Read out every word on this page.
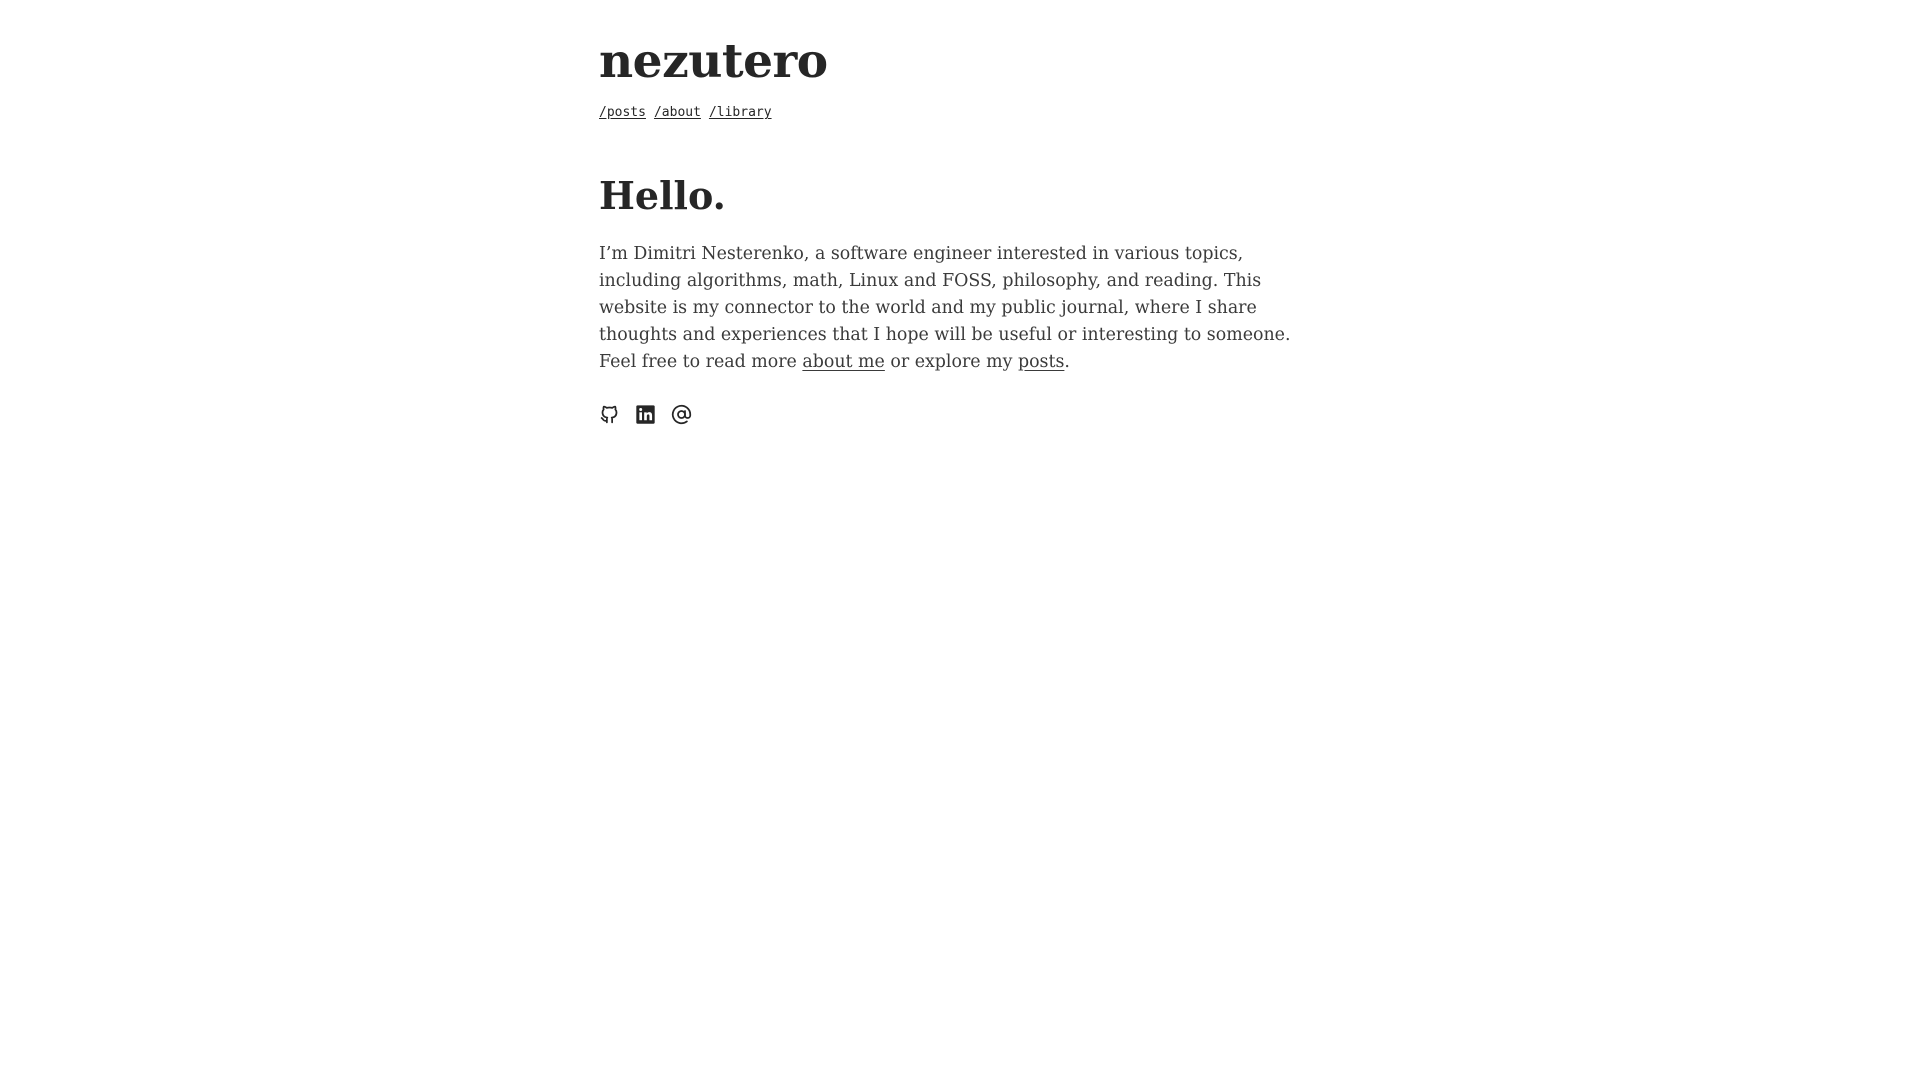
nezutero
/posts /about /library
Hello.

I’m Dimitri Nesterenko, a software engineer interested in various topics, including algorithms, math, Linux and FOSS, philosophy, and reading. This website is my connector to the world and my public journal, where I share thoughts and experiences that I hope will be useful or interesting to someone. Feel free to read more about me or explore my posts.
